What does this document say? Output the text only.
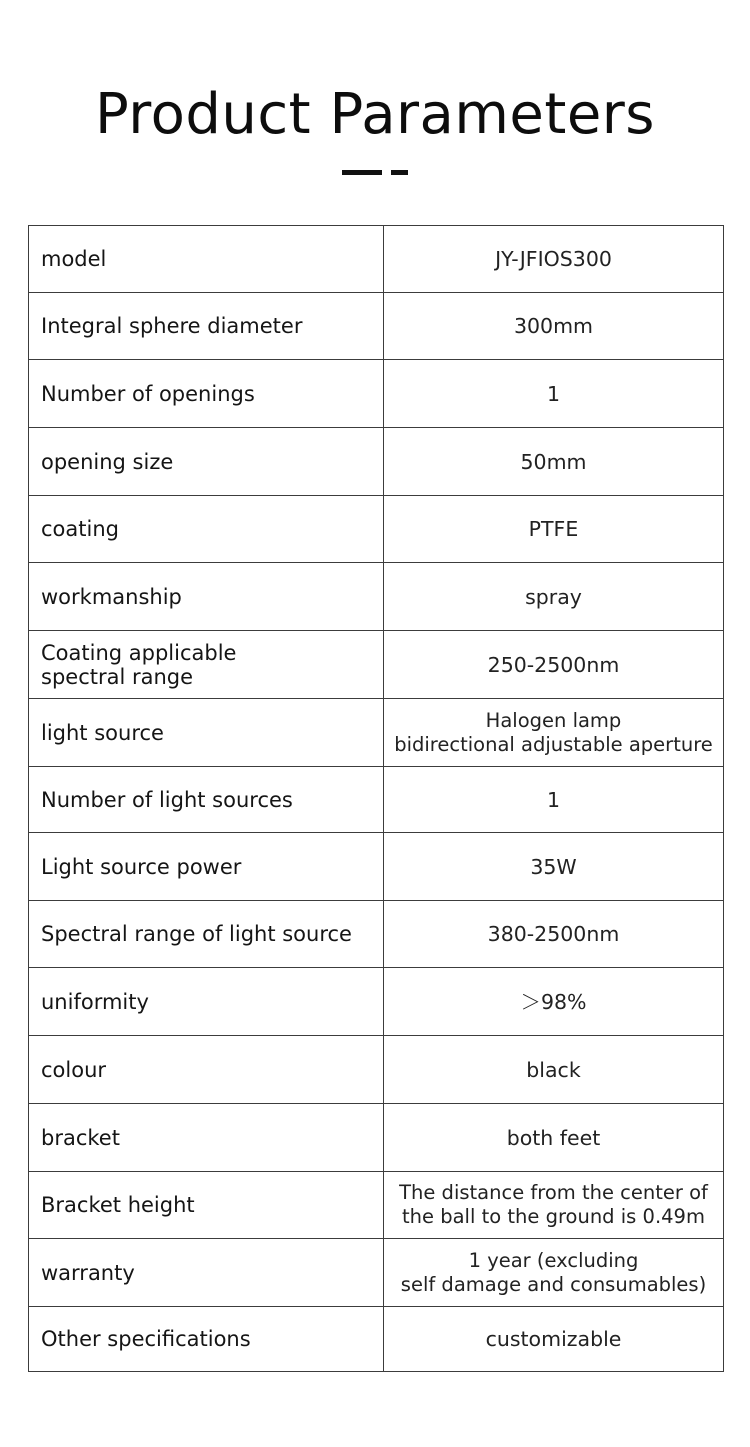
Product Parameters
model	JY-JFIOS300
Integral sphere diameter	300mm
Number of openings	1
opening size	50mm
coating	PTFE
workmanship	spray
Coating applicable
spectral range	250-2500nm
light source	Halogen lamp
bidirectional adjustable aperture
Number of light sources	1
Light source power	35W
Spectral range of light source	380-2500nm
uniformity	＞98%
colour	black
bracket	both feet
Bracket height	The distance from the center of
the ball to the ground is 0.49m
warranty	1 year (excluding
self damage and consumables)
Other specifications	customizable
